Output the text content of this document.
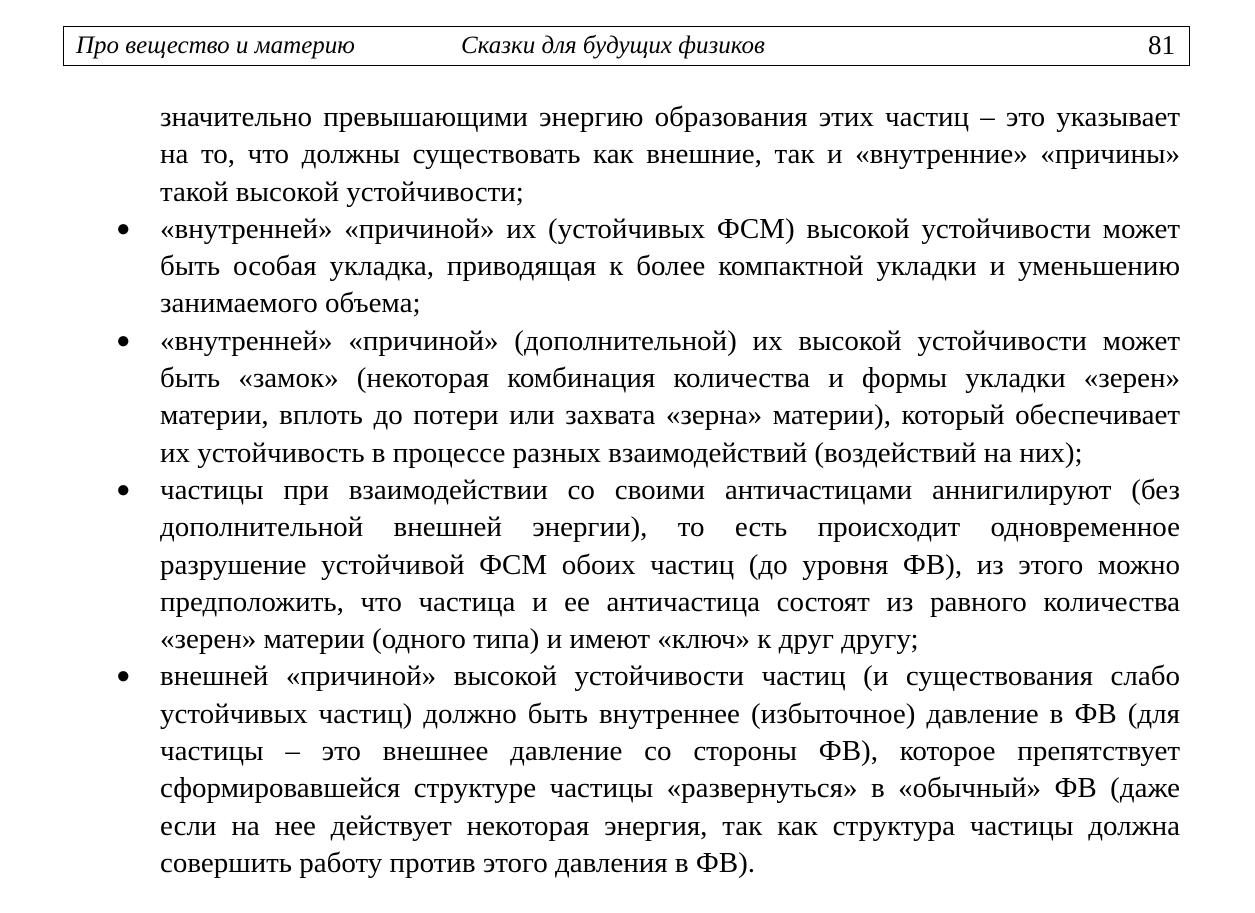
Про вещество и материю	Сказки для будущих физиков	81

значительно превышающими энергию образования этих частиц – это указывает на то, что должны существовать как внешние, так и «внутренние» «причины» такой высокой устойчивости;

● «внутренней» «причиной» их (устойчивых ФСМ) высокой устойчивости может быть особая укладка, приводящая к более компактной укладки и уменьшению занимаемого объема;
● «внутренней» «причиной» (дополнительной) их высокой устойчивости может быть «замок» (некоторая комбинация количества и формы укладки «зерен» материи, вплоть до потери или захвата «зерна» материи), который обеспечивает их устойчивость в процессе разных взаимодействий (воздействий на них);
● частицы при взаимодействии со своими античастицами аннигилируют (без дополнительной внешней энергии), то есть происходит одновременное разрушение устойчивой ФСМ обоих частиц (до уровня ФВ), из этого можно предположить, что частица и ее античастица состоят из равного количества «зерен» материи (одного типа) и имеют «ключ» к друг другу;
● внешней «причиной» высокой устойчивости частиц (и существования слабо устойчивых частиц) должно быть внутреннее (избыточное) давление в ФВ (для частицы – это внешнее давление со стороны ФВ), которое препятствует сформировавшейся структуре частицы «развернуться» в «обычный» ФВ (даже если на нее действует некоторая энергия, так как структура частицы должна совершить работу против этого давления в ФВ).
